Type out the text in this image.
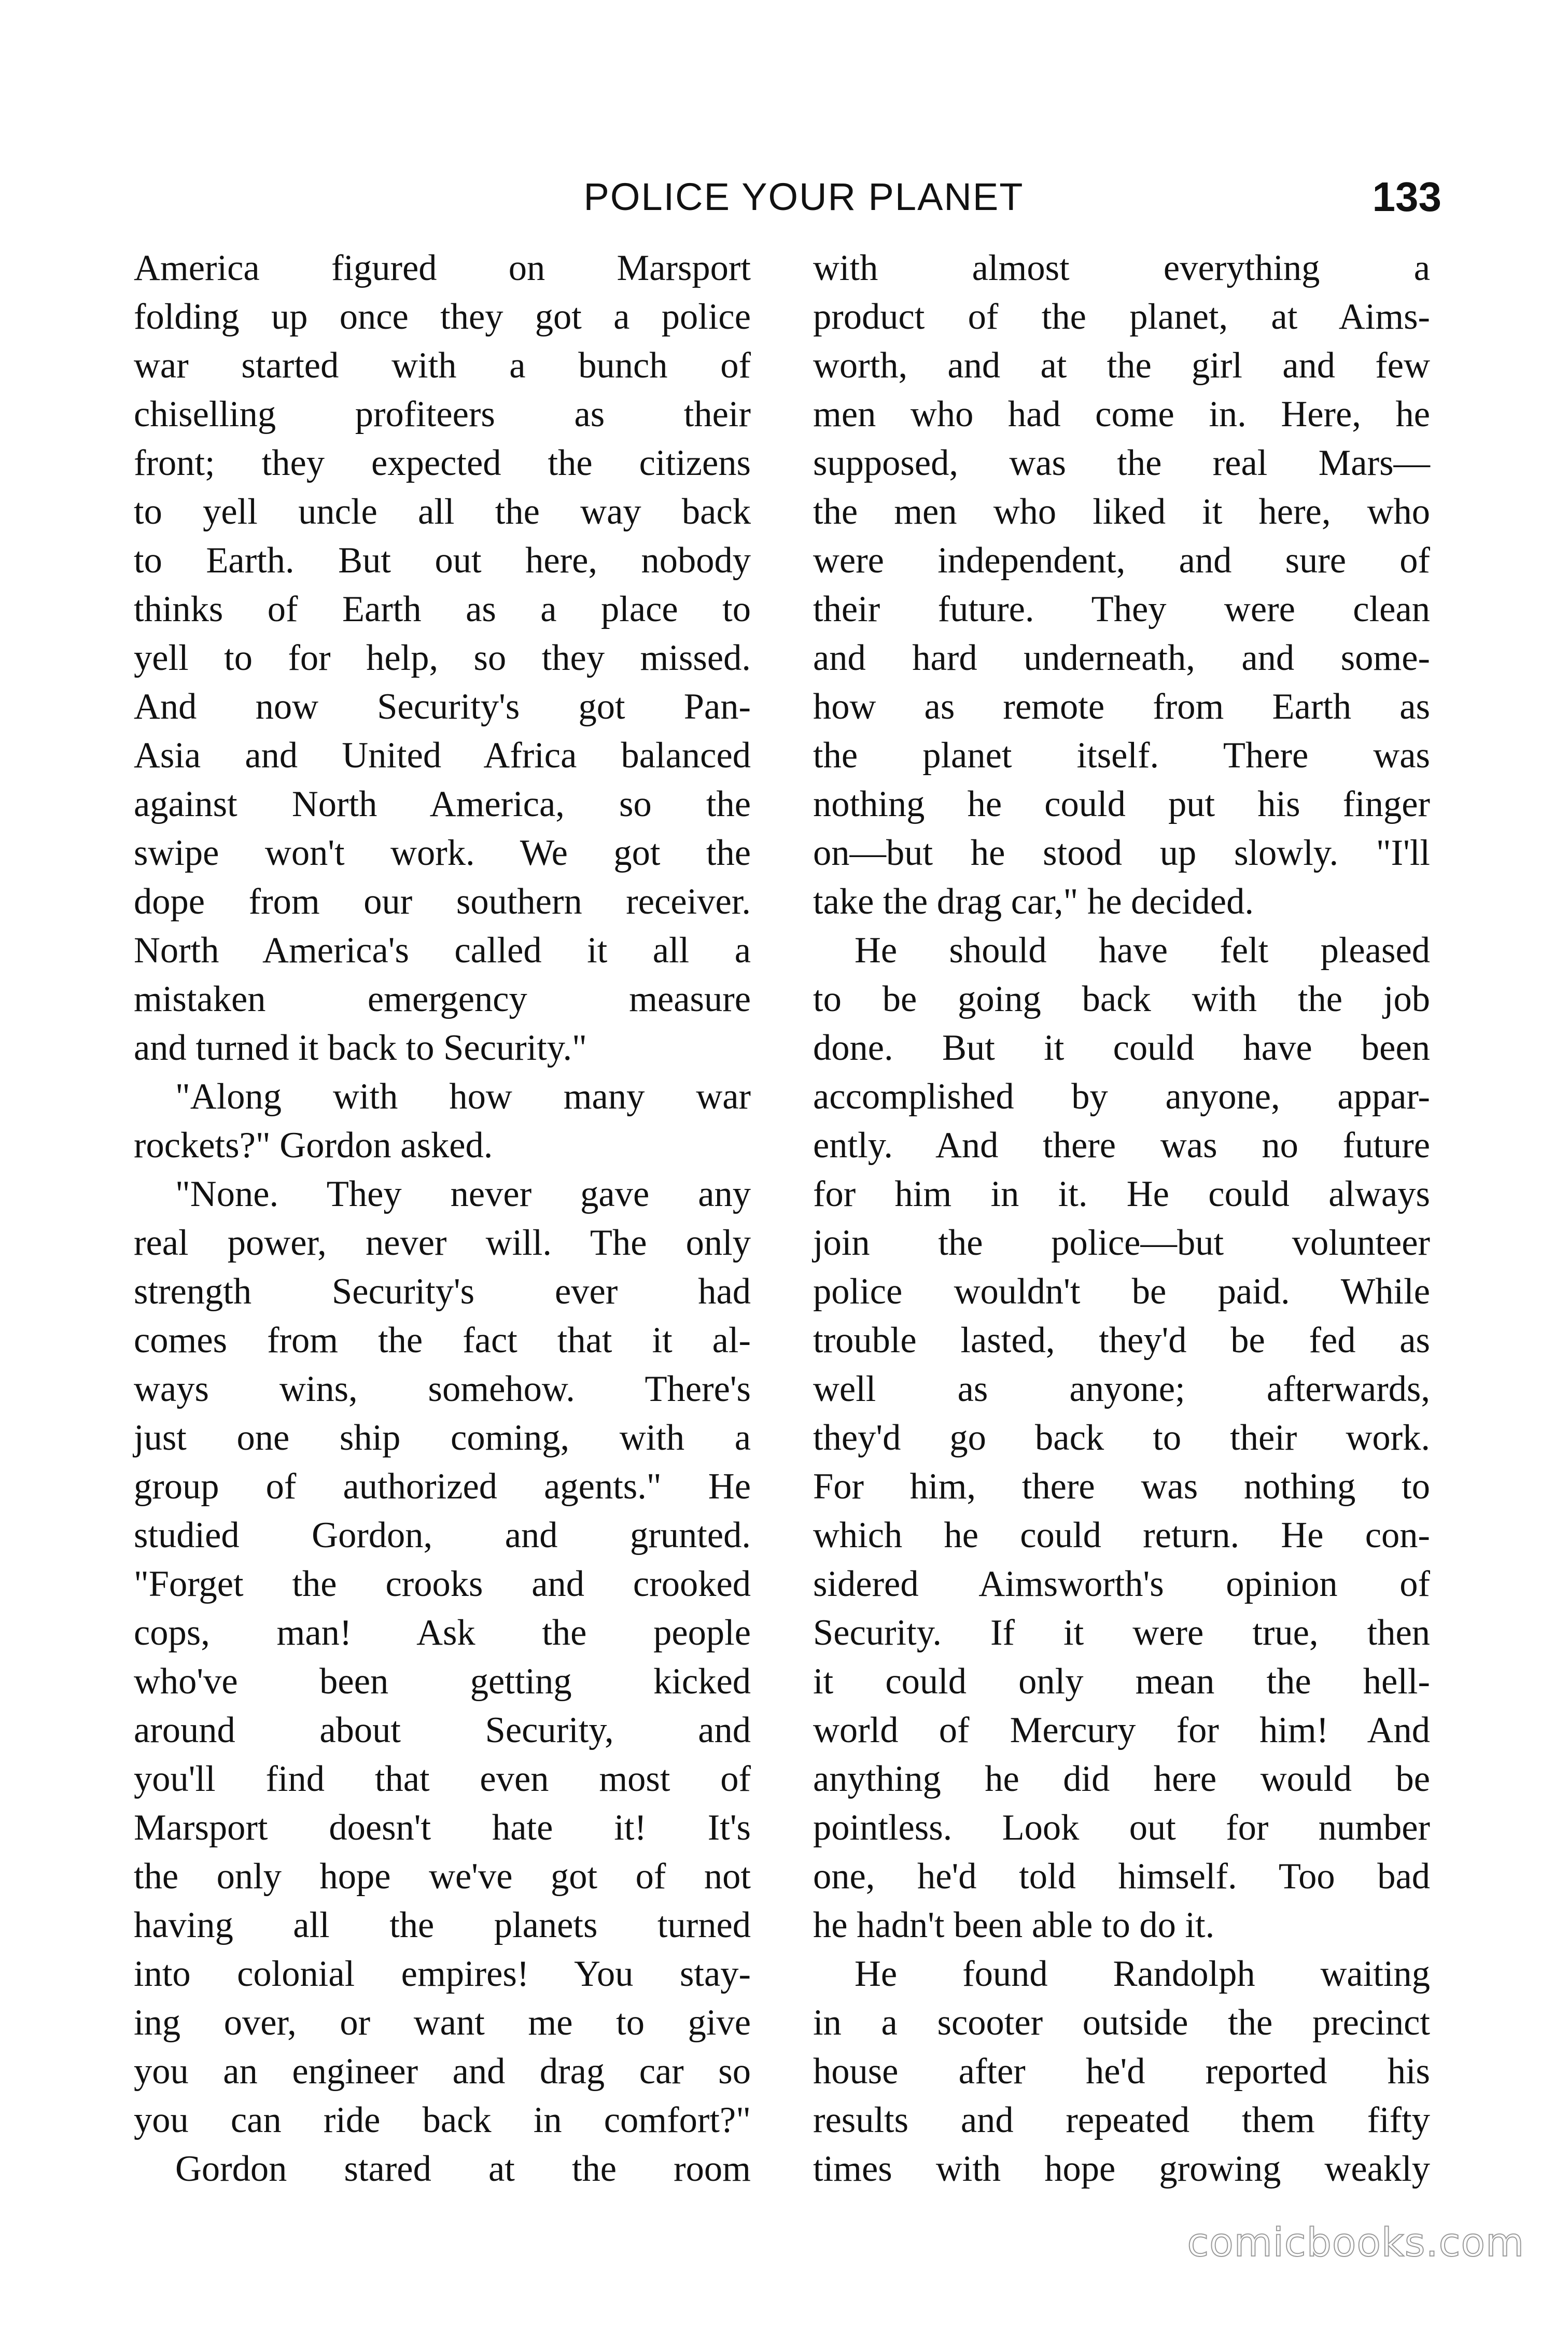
POLICE YOUR PLANET	133
America figured on Marsport
folding up once they got a police
war started with a bunch of
chiselling profiteers as their
front; they expected the citizens
to yell uncle all the way back
to Earth. But out here, nobody
thinks of Earth as a place to
yell to for help, so they missed.
And now Security's got Pan-
Asia and United Africa balanced
against North America, so the
swipe won't work. We got the
dope from our southern receiver.
North America's called it all a
mistaken emergency measure
and turned it back to Security."
"Along with how many war
rockets?" Gordon asked.
"None. They never gave any
real power, never will. The only
strength Security's ever had
comes from the fact that it al-
ways wins, somehow. There's
just one ship coming, with a
group of authorized agents." He
studied Gordon, and grunted.
"Forget the crooks and crooked
cops, man! Ask the people
who've been getting kicked
around about Security, and
you'll find that even most of
Marsport doesn't hate it! It's
the only hope we've got of not
having all the planets turned
into colonial empires! You stay-
ing over, or want me to give
you an engineer and drag car so
you can ride back in comfort?"
Gordon stared at the room
with almost everything a
product of the planet, at Aims-
worth, and at the girl and few
men who had come in. Here, he
supposed, was the real Mars—
the men who liked it here, who
were independent, and sure of
their future. They were clean
and hard underneath, and some-
how as remote from Earth as
the planet itself. There was
nothing he could put his finger
on—but he stood up slowly. "I'll
take the drag car," he decided.
He should have felt pleased
to be going back with the job
done. But it could have been
accomplished by anyone, appar-
ently. And there was no future
for him in it. He could always
join the police—but volunteer
police wouldn't be paid. While
trouble lasted, they'd be fed as
well as anyone; afterwards,
they'd go back to their work.
For him, there was nothing to
which he could return. He con-
sidered Aimsworth's opinion of
Security. If it were true, then
it could only mean the hell-
world of Mercury for him! And
anything he did here would be
pointless. Look out for number
one, he'd told himself. Too bad
he hadn't been able to do it.
He found Randolph waiting
in a scooter outside the precinct
house after he'd reported his
results and repeated them fifty
times with hope growing weakly
comicbooks.com
